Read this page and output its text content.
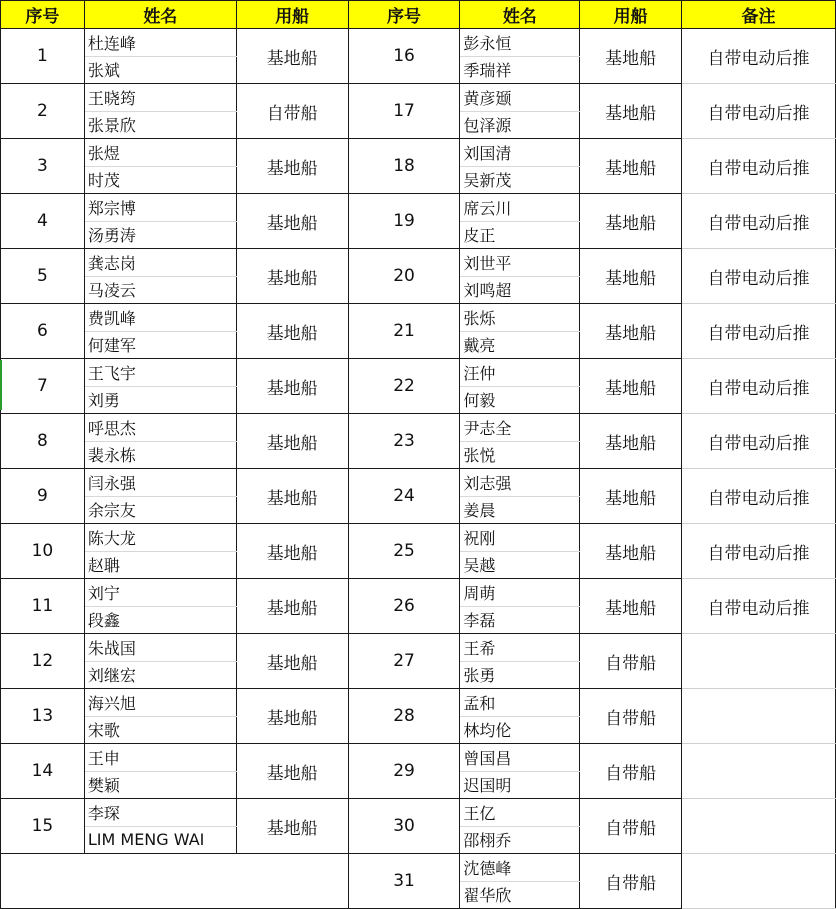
序号	姓名	用船	序号	姓名	用船	备注
1	杜连峰	基地船	16	彭永恒	基地船	自带电动后推
	张斌			季瑞祥		
2	王晓筠	自带船	17	黄彦颋	基地船	自带电动后推
	张景欣			包泽源		
3	张煜	基地船	18	刘国清	基地船	自带电动后推
	时茂			吴新茂		
4	郑宗博	基地船	19	席云川	基地船	自带电动后推
	汤勇涛			皮正		
5	龚志岗	基地船	20	刘世平	基地船	自带电动后推
	马凌云			刘鸣超		
6	费凯峰	基地船	21	张烁	基地船	自带电动后推
	何建军			戴亮		
7	王飞宇	基地船	22	汪仲	基地船	自带电动后推
	刘勇			何毅		
8	呼思杰	基地船	23	尹志全	基地船	自带电动后推
	裴永栋			张悦		
9	闫永强	基地船	24	刘志强	基地船	自带电动后推
	余宗友			姜晨		
10	陈大龙	基地船	25	祝刚	基地船	自带电动后推
	赵聃			吴越		
11	刘宁	基地船	26	周萌	基地船	自带电动后推
	段鑫			李磊		
12	朱战国	基地船	27	王希	自带船	
	刘继宏			张勇		
13	海兴旭	基地船	28	孟和	自带船	
	宋歌			林均伦		
14	王申	基地船	29	曾国昌	自带船	
	樊颖			迟国明		
15	李琛	基地船	30	王亿	自带船	
	LIM MENG WAI			邵栩乔		
			31	沈德峰	自带船	
				翟华欣		
